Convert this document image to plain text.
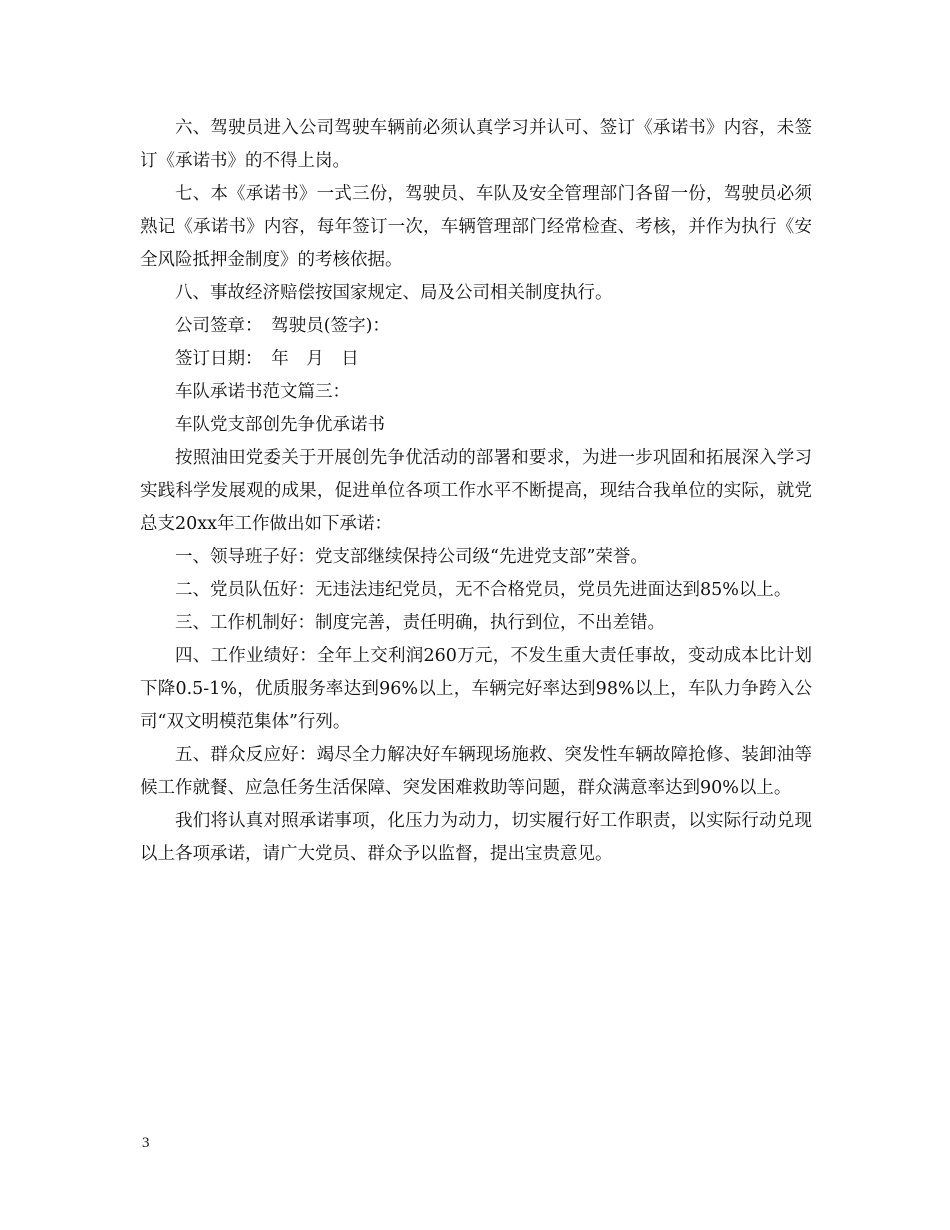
六、驾驶员进入公司驾驶车辆前必须认真学习并认可、签订《承诺书》内容，未签订《承诺书》的不得上岗。

七、本《承诺书》一式三份，驾驶员、车队及安全管理部门各留一份，驾驶员必须熟记《承诺书》内容，每年签订一次，车辆管理部门经常检查、考核，并作为执行《安全风险抵押金制度》的考核依据。

八、事故经济赔偿按国家规定、局及公司相关制度执行。

公司签章：　驾驶员(签字)：

签订日期：　年　月　日

车队承诺书范文篇三：

车队党支部创先争优承诺书

按照油田党委关于开展创先争优活动的部署和要求，为进一步巩固和拓展深入学习实践科学发展观的成果，促进单位各项工作水平不断提高，现结合我单位的实际，就党总支20xx年工作做出如下承诺：

一、领导班子好：党支部继续保持公司级“先进党支部”荣誉。

二、党员队伍好：无违法违纪党员，无不合格党员，党员先进面达到85%以上。

三、工作机制好：制度完善，责任明确，执行到位，不出差错。

四、工作业绩好：全年上交利润260万元，不发生重大责任事故，变动成本比计划下降0.5-1%，优质服务率达到96%以上，车辆完好率达到98%以上，车队力争跨入公司“双文明模范集体”行列。

五、群众反应好：竭尽全力解决好车辆现场施救、突发性车辆故障抢修、装卸油等候工作就餐、应急任务生活保障、突发困难救助等问题，群众满意率达到90%以上。

我们将认真对照承诺事项，化压力为动力，切实履行好工作职责，以实际行动兑现以上各项承诺，请广大党员、群众予以监督，提出宝贵意见。

3
